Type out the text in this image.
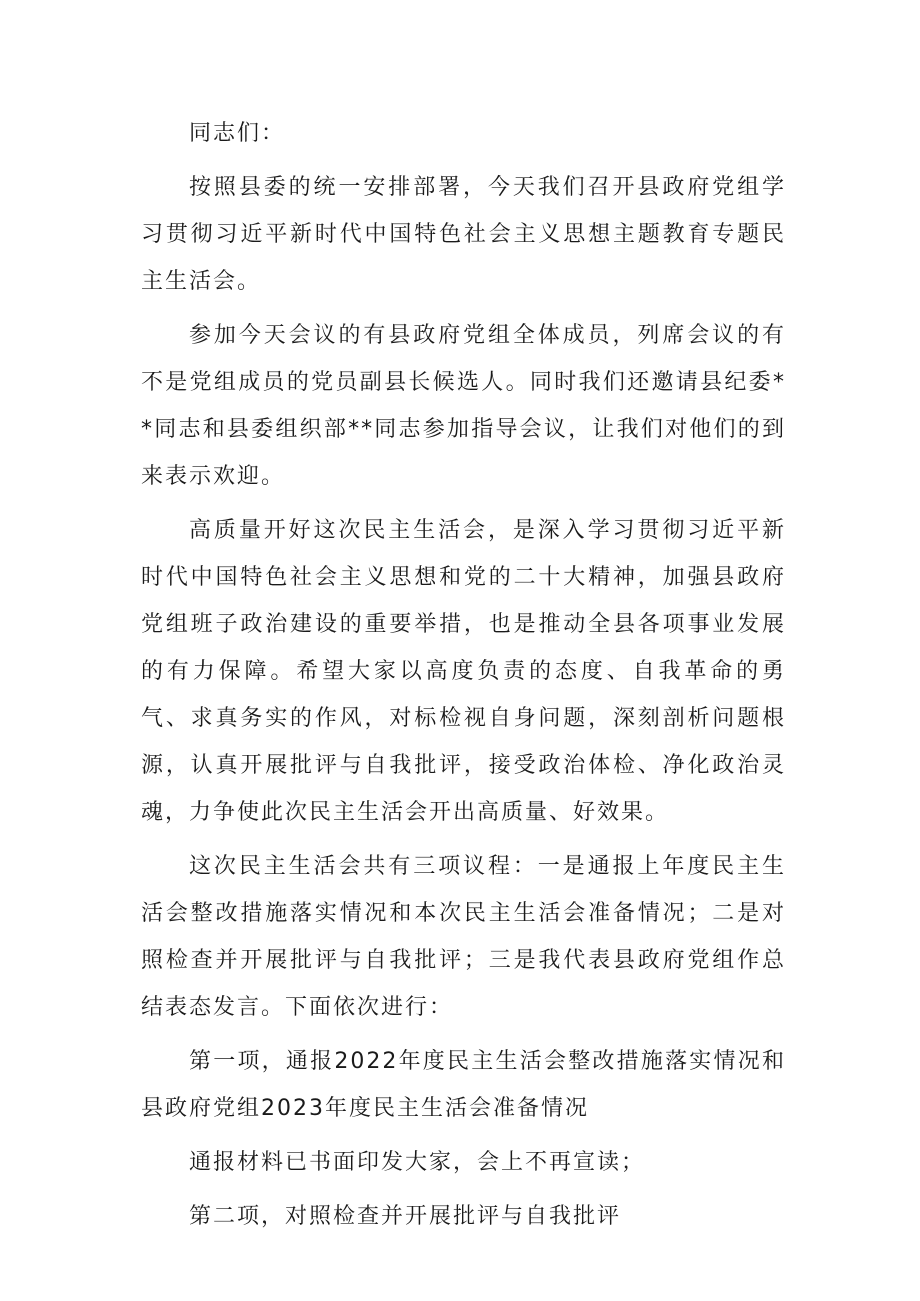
同志们：

按照县委的统一安排部署，今天我们召开县政府党组学习贯彻习近平新时代中国特色社会主义思想主题教育专题民主生活会。

参加今天会议的有县政府党组全体成员，列席会议的有不是党组成员的党员副县长候选人。同时我们还邀请县纪委**同志和县委组织部**同志参加指导会议，让我们对他们的到来表示欢迎。

高质量开好这次民主生活会，是深入学习贯彻习近平新时代中国特色社会主义思想和党的二十大精神，加强县政府党组班子政治建设的重要举措，也是推动全县各项事业发展的有力保障。希望大家以高度负责的态度、自我革命的勇气、求真务实的作风，对标检视自身问题，深刻剖析问题根源，认真开展批评与自我批评，接受政治体检、净化政治灵魂，力争使此次民主生活会开出高质量、好效果。

这次民主生活会共有三项议程：一是通报上年度民主生活会整改措施落实情况和本次民主生活会准备情况；二是对照检查并开展批评与自我批评；三是我代表县政府党组作总结表态发言。下面依次进行：

第一项，通报2022年度民主生活会整改措施落实情况和县政府党组2023年度民主生活会准备情况

通报材料已书面印发大家，会上不再宣读；

第二项，对照检查并开展批评与自我批评
